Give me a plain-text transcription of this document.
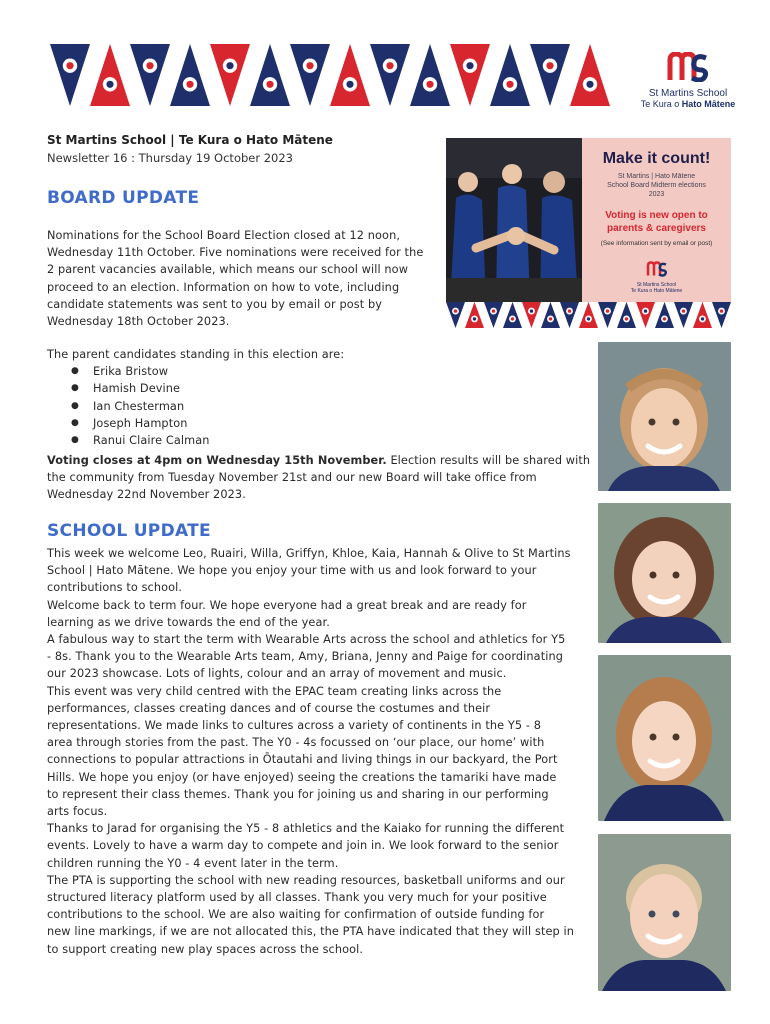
St Martins School
Te Kura o Hato Mātene
St Martins School | Te Kura o Hato Mātene
Newsletter 16 : Thursday 19 October 2023
BOARD UPDATE
Nominations for the School Board Election closed at 12 noon,
Wednesday 11th October. Five nominations were received for the
2 parent vacancies available, which means our school will now
proceed to an election. Information on how to vote, including
candidate statements was sent to you by email or post by
Wednesday 18th October 2023.
The parent candidates standing in this election are:
● Erika Bristow
● Hamish Devine
● Ian Chesterman
● Joseph Hampton
● Ranui Claire Calman
Voting closes at 4pm on Wednesday 15th November. Election results will be shared with
the community from Tuesday November 21st and our new Board will take office from
Wednesday 22nd November 2023.
SCHOOL UPDATE
This week we welcome Leo, Ruairi, Willa, Griffyn, Khloe, Kaia, Hannah & Olive to St Martins
School | Hato Mātene. We hope you enjoy your time with us and look forward to your
contributions to school.
Welcome back to term four. We hope everyone had a great break and are ready for
learning as we drive towards the end of the year.
A fabulous way to start the term with Wearable Arts across the school and athletics for Y5
- 8s. Thank you to the Wearable Arts team, Amy, Briana, Jenny and Paige for coordinating
our 2023 showcase. Lots of lights, colour and an array of movement and music.
This event was very child centred with the EPAC team creating links across the
performances, classes creating dances and of course the costumes and their
representations. We made links to cultures across a variety of continents in the Y5 - 8
area through stories from the past. The Y0 - 4s focussed on ‘our place, our home’ with
connections to popular attractions in Ōtautahi and living things in our backyard, the Port
Hills. We hope you enjoy (or have enjoyed) seeing the creations the tamariki have made
to represent their class themes. Thank you for joining us and sharing in our performing
arts focus.
Thanks to Jarad for organising the Y5 - 8 athletics and the Kaiako for running the different
events. Lovely to have a warm day to compete and join in. We look forward to the senior
children running the Y0 - 4 event later in the term.
The PTA is supporting the school with new reading resources, basketball uniforms and our
structured literacy platform used by all classes. Thank you very much for your positive
contributions to the school. We are also waiting for confirmation of outside funding for
new line markings, if we are not allocated this, the PTA have indicated that they will step in
to support creating new play spaces across the school.
Make it count!
St Martins | Hato Mātene
School Board Midterm elections
2023
Voting is new open to
parents & caregivers
(See information sent by email or post)
St Martins School
Te Kura o Hato Mātene
